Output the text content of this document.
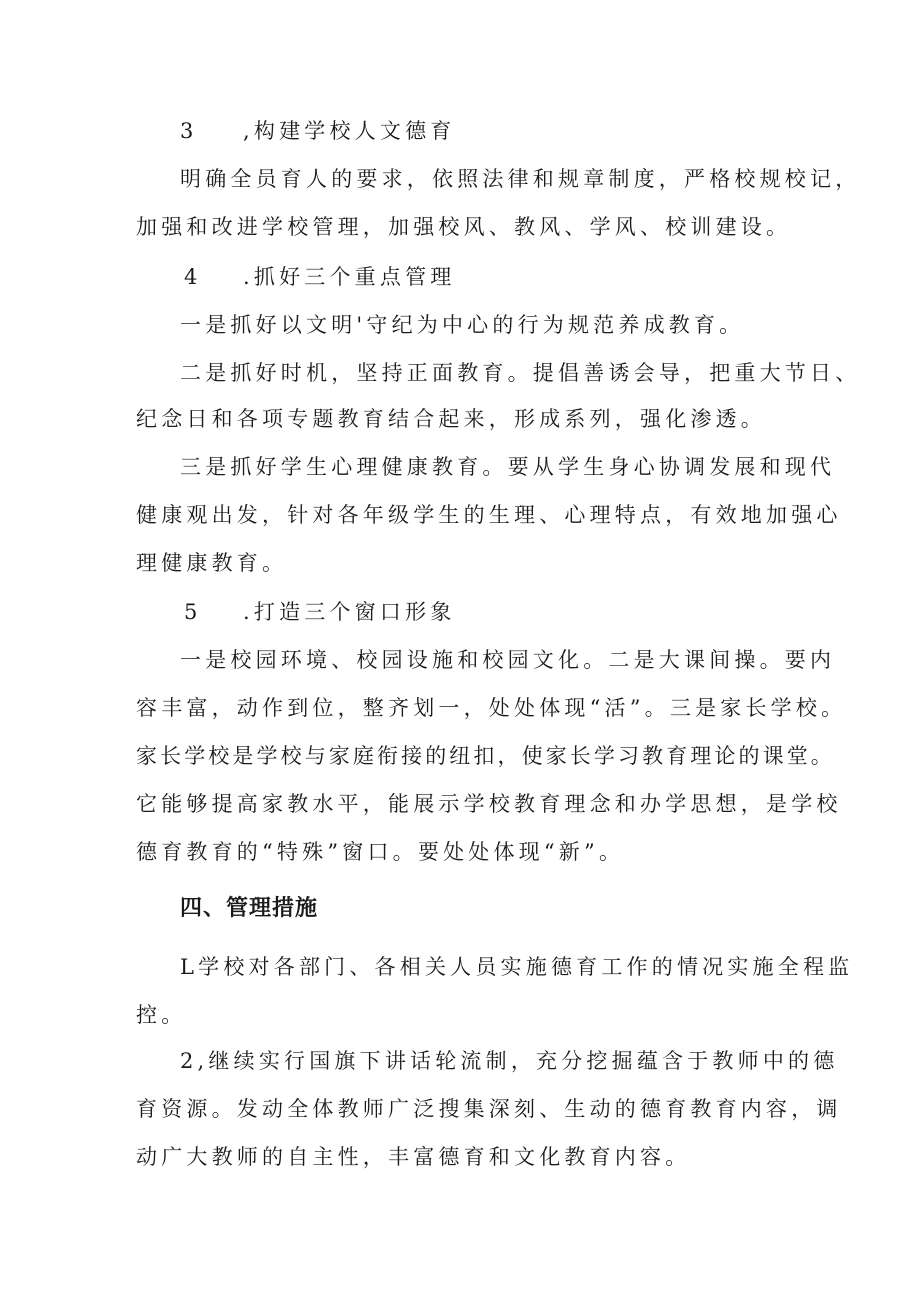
3 ,构建学校人文德育
明确全员育人的要求，依照法律和规章制度，严格校规校记，
加强和改进学校管理，加强校风、教风、学风、校训建设。
4 .抓好三个重点管理
一是抓好以文明'守纪为中心的行为规范养成教育。
二是抓好时机，坚持正面教育。提倡善诱会导，把重大节日、
纪念日和各项专题教育结合起来，形成系列，强化渗透。
三是抓好学生心理健康教育。要从学生身心协调发展和现代
健康观出发，针对各年级学生的生理、心理特点，有效地加强心
理健康教育。
5 .打造三个窗口形象
一是校园环境、校园设施和校园文化。二是大课间操。要内
容丰富，动作到位，整齐划一，处处体现“活”。三是家长学校。
家长学校是学校与家庭衔接的纽扣，使家长学习教育理论的课堂。
它能够提高家教水平，能展示学校教育理念和办学思想，是学校
德育教育的“特殊”窗口。要处处体现“新”。
四、管理措施
L学校对各部门、各相关人员实施德育工作的情况实施全程监
控。
2,继续实行国旗下讲话轮流制，充分挖掘蕴含于教师中的德
育资源。发动全体教师广泛搜集深刻、生动的德育教育内容，调
动广大教师的自主性，丰富德育和文化教育内容。
